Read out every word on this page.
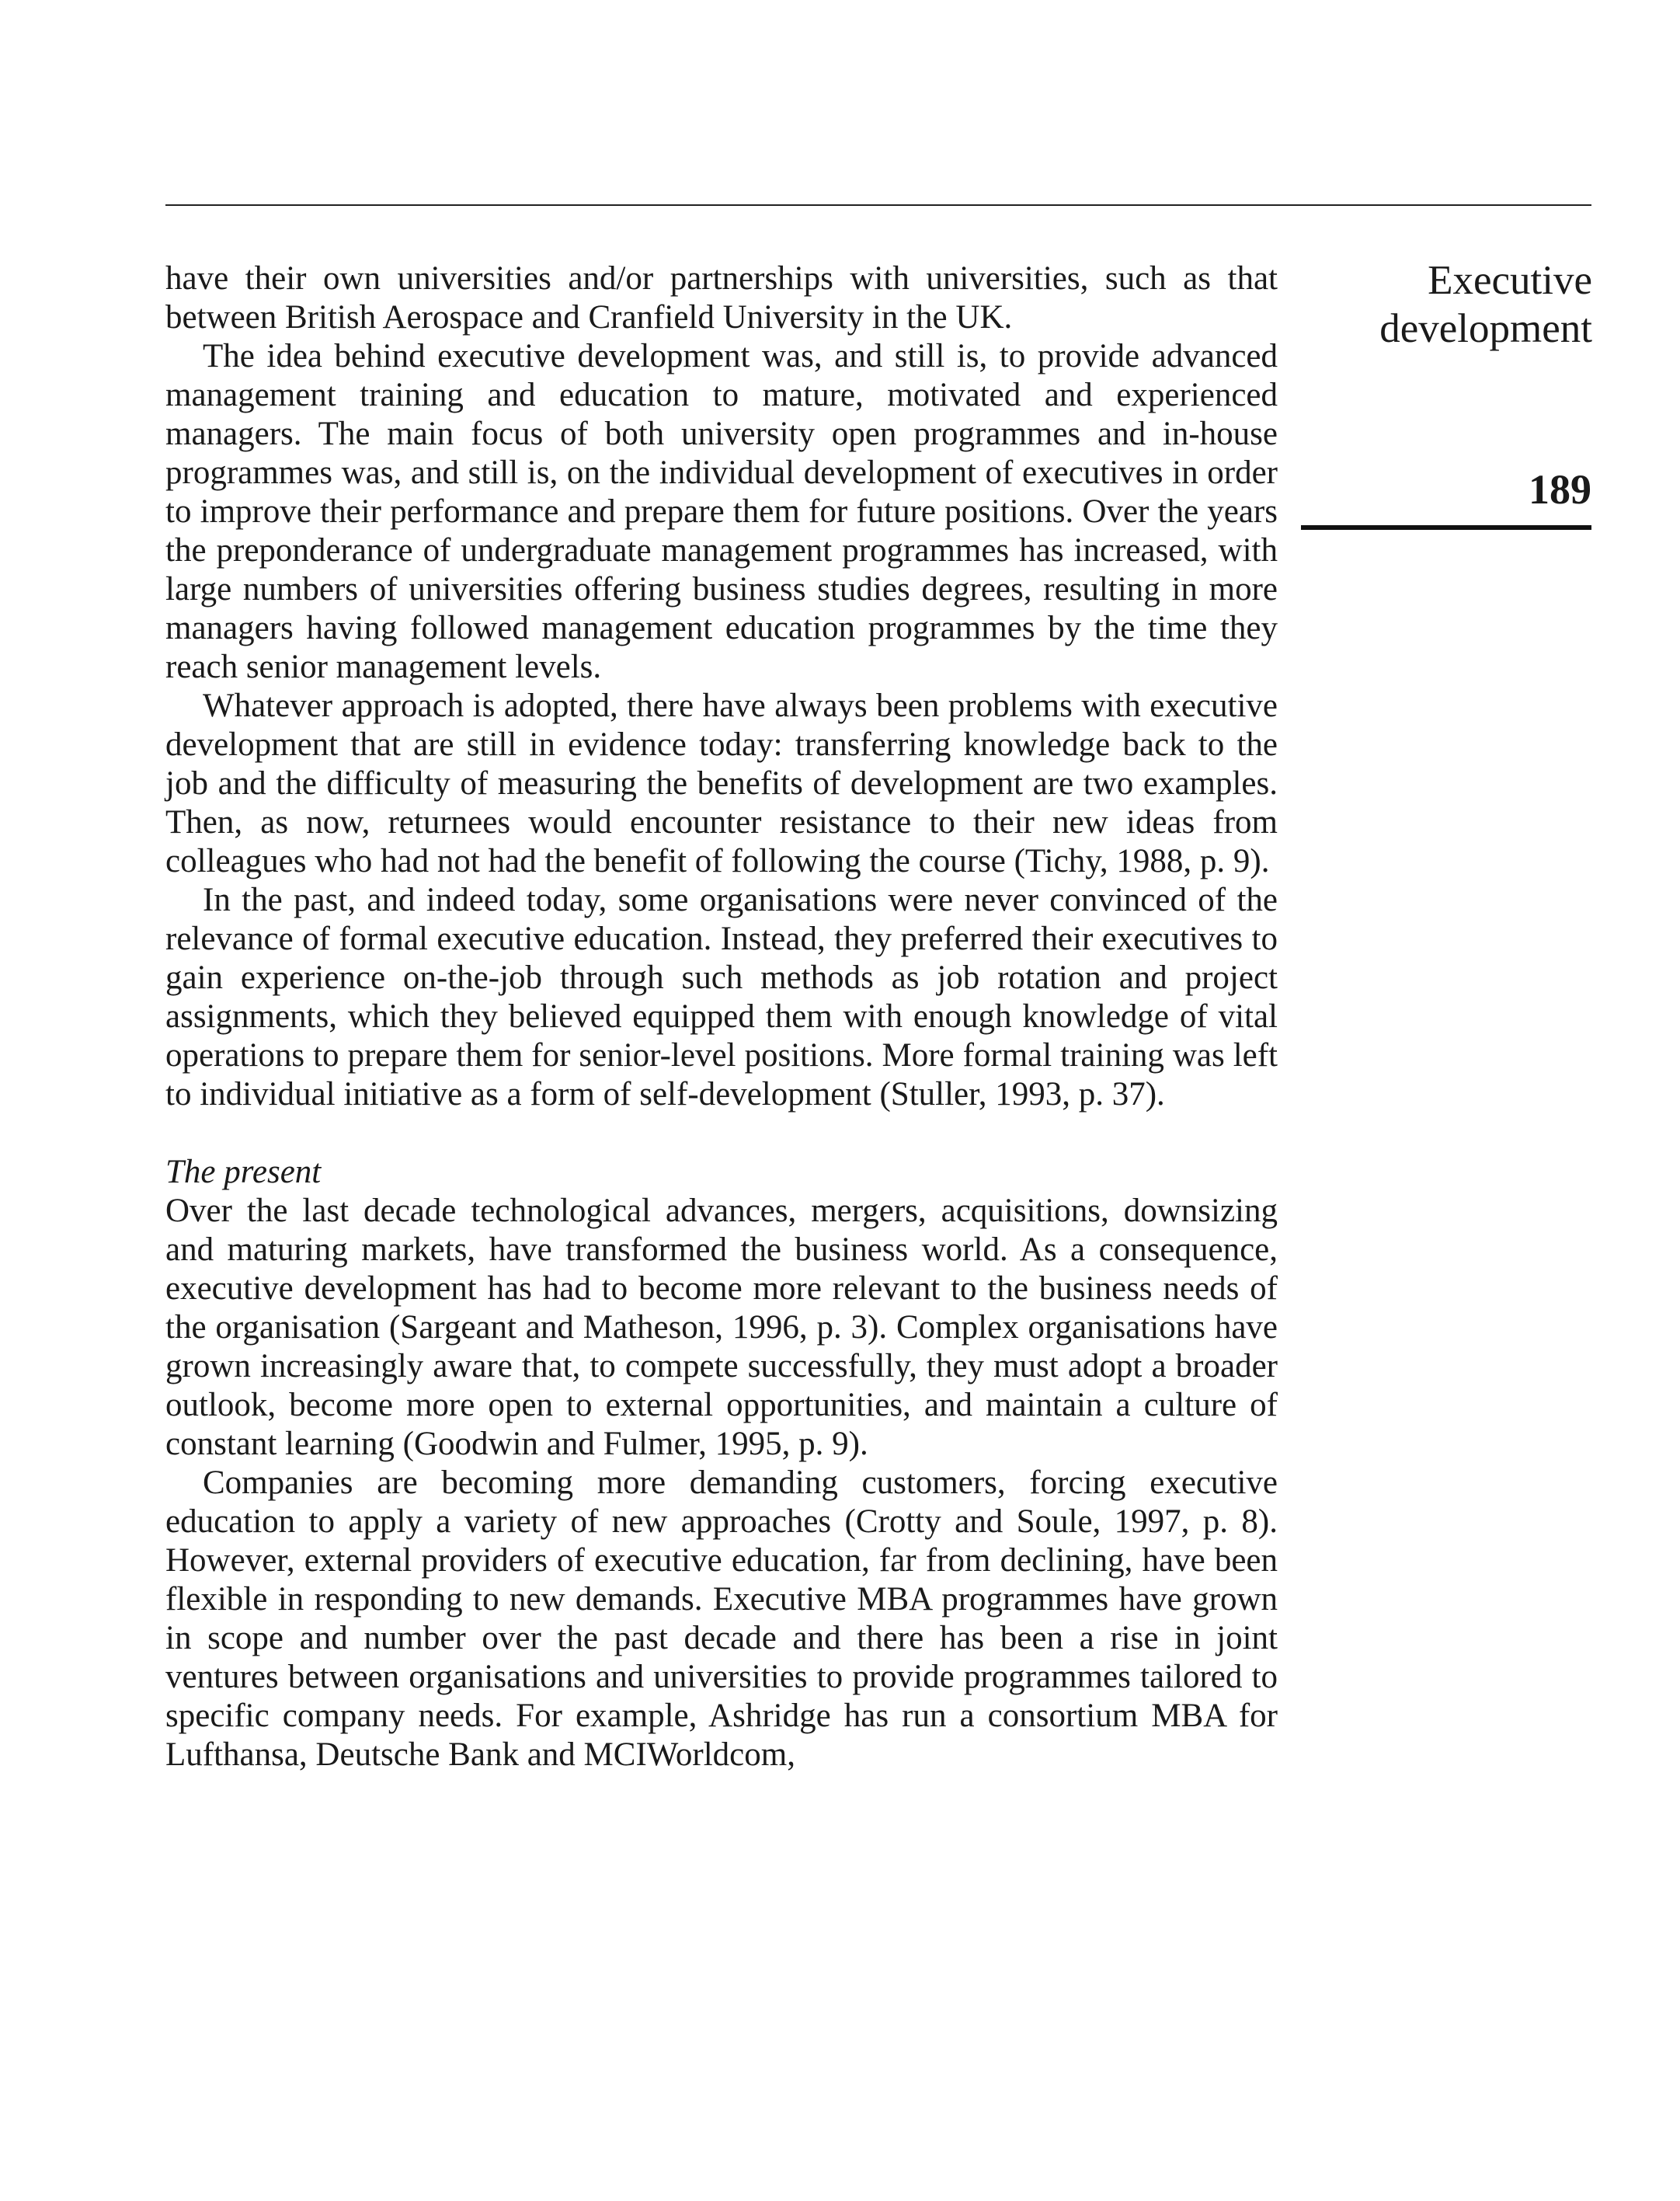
Executive
development
189

have their own universities and/or partnerships with universities, such as that between British Aerospace and Cranfield University in the UK.

The idea behind executive development was, and still is, to provide advanced management training and education to mature, motivated and experienced managers. The main focus of both university open programmes and in-house programmes was, and still is, on the individual development of executives in order to improve their performance and prepare them for future positions. Over the years the preponderance of undergraduate management programmes has increased, with large numbers of universities offering business studies degrees, resulting in more managers having followed management education programmes by the time they reach senior management levels.

Whatever approach is adopted, there have always been problems with executive development that are still in evidence today: transferring knowledge back to the job and the difficulty of measuring the benefits of development are two examples. Then, as now, returnees would encounter resistance to their new ideas from colleagues who had not had the benefit of following the course (Tichy, 1988, p. 9).

In the past, and indeed today, some organisations were never convinced of the relevance of formal executive education. Instead, they preferred their executives to gain experience on-the-job through such methods as job rotation and project assignments, which they believed equipped them with enough knowledge of vital operations to prepare them for senior-level positions. More formal training was left to individual initiative as a form of self-development (Stuller, 1993, p. 37).

The present

Over the last decade technological advances, mergers, acquisitions, downsizing and maturing markets, have transformed the business world. As a consequence, executive development has had to become more relevant to the business needs of the organisation (Sargeant and Matheson, 1996, p. 3). Complex organisations have grown increasingly aware that, to compete successfully, they must adopt a broader outlook, become more open to external opportunities, and maintain a culture of constant learning (Goodwin and Fulmer, 1995, p. 9).

Companies are becoming more demanding customers, forcing executive education to apply a variety of new approaches (Crotty and Soule, 1997, p. 8). However, external providers of executive education, far from declining, have been flexible in responding to new demands. Executive MBA programmes have grown in scope and number over the past decade and there has been a rise in joint ventures between organisations and universities to provide programmes tailored to specific company needs. For example, Ashridge has run a consortium MBA for Lufthansa, Deutsche Bank and MCIWorldcom,
